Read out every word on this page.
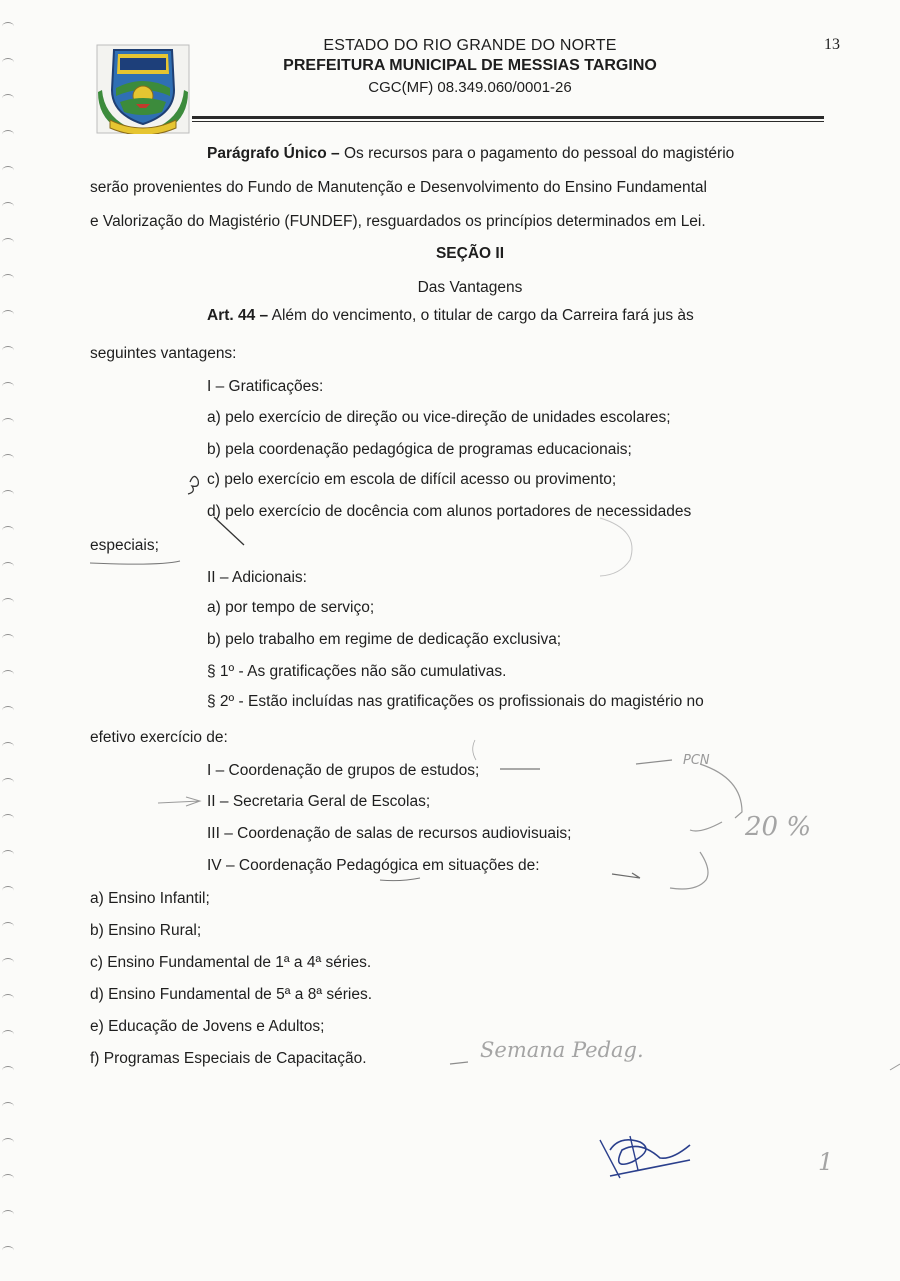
ESTADO DO RIO GRANDE DO NORTE
PREFEITURA MUNICIPAL DE MESSIAS TARGINO
CGC(MF) 08.349.060/0001-26
13
Parágrafo Único – Os recursos para o pagamento do pessoal do magistério
serão provenientes do Fundo de Manutenção e Desenvolvimento do Ensino Fundamental
e Valorização do Magistério (FUNDEF), resguardados os princípios determinados em Lei.
SEÇÃO II
Das Vantagens
Art. 44 – Além do vencimento, o titular de cargo da Carreira fará jus às
seguintes vantagens:
I – Gratificações:
a) pelo exercício de direção ou vice-direção de unidades escolares;
b) pela coordenação pedagógica de programas educacionais;
c) pelo exercício em escola de difícil acesso ou provimento;
d) pelo exercício de docência com alunos portadores de necessidades
especiais;
II – Adicionais:
a) por tempo de serviço;
b) pelo trabalho em regime de dedicação exclusiva;
§ 1º - As gratificações não são cumulativas.
§ 2º - Estão incluídas nas gratificações os profissionais do magistério no
efetivo exercício de:
I – Coordenação de grupos de estudos;
II – Secretaria Geral de Escolas;
III – Coordenação de salas de recursos audiovisuais;
IV – Coordenação Pedagógica em situações de:
a) Ensino Infantil;
b) Ensino Rural;
c) Ensino Fundamental de 1ª a 4ª séries.
d) Ensino Fundamental de 5ª a 8ª séries.
e) Educação de Jovens e Adultos;
f) Programas Especiais de Capacitação.
PCN
20 %
Semana Pedag.
1
